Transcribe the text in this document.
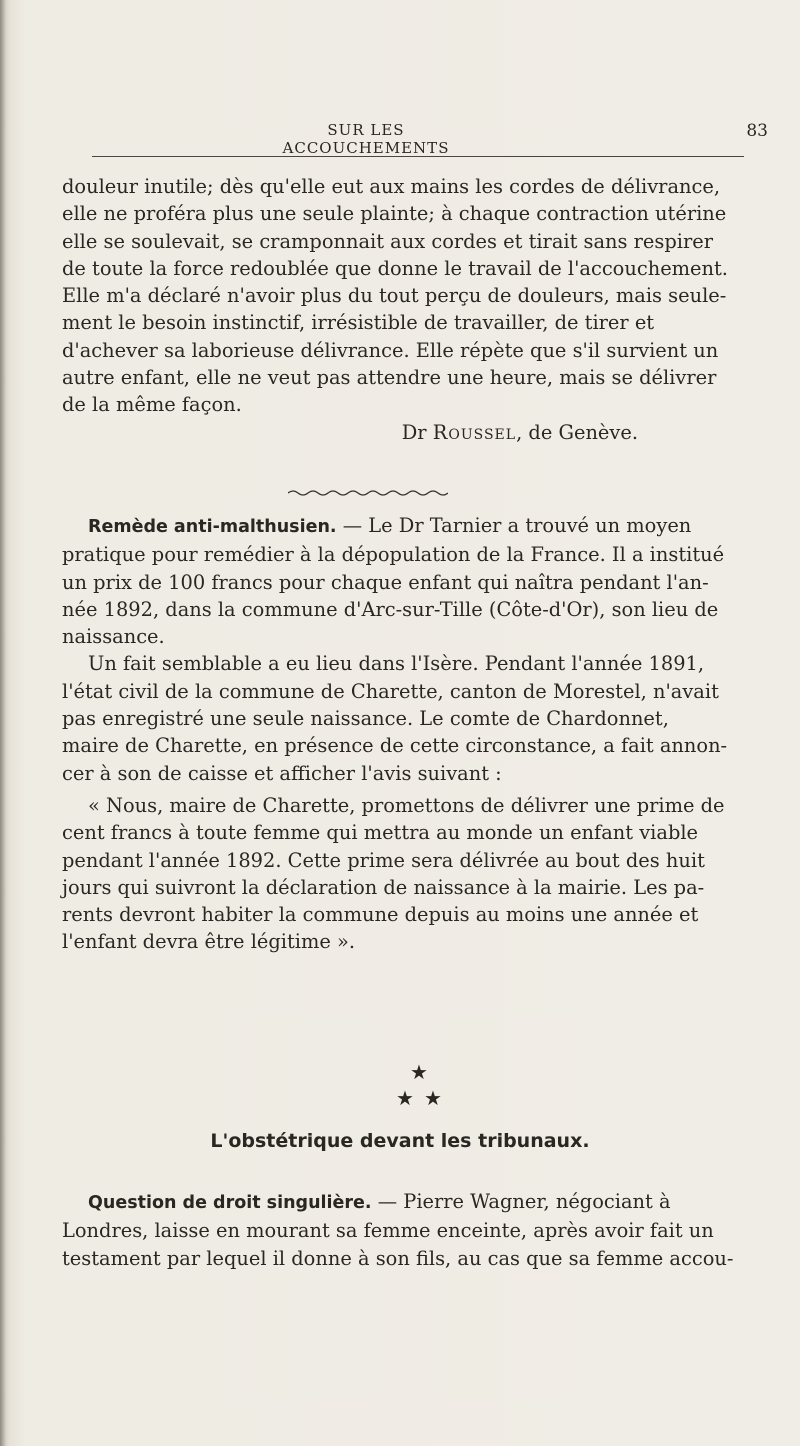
SUR LES ACCOUCHEMENTS
83
douleur inutile; dès qu'elle eut aux mains les cordes de délivrance,
elle ne proféra plus une seule plainte; à chaque contraction utérine
elle se soulevait, se cramponnait aux cordes et tirait sans respirer
de toute la force redoublée que donne le travail de l'accouchement.
Elle m'a déclaré n'avoir plus du tout perçu de douleurs, mais seule-
ment le besoin instinctif, irrésistible de travailler, de tirer et
d'achever sa laborieuse délivrance. Elle répète que s'il survient un
autre enfant, elle ne veut pas attendre une heure, mais se délivrer
de la même façon.
Dr Roussel, de Genève.
Remède anti-malthusien. — Le Dr Tarnier a trouvé un moyen
pratique pour remédier à la dépopulation de la France. Il a institué
un prix de 100 francs pour chaque enfant qui naîtra pendant l'an-
née 1892, dans la commune d'Arc-sur-Tille (Côte-d'Or), son lieu de
naissance.
Un fait semblable a eu lieu dans l'Isère. Pendant l'année 1891,
l'état civil de la commune de Charette, canton de Morestel, n'avait
pas enregistré une seule naissance. Le comte de Chardonnet,
maire de Charette, en présence de cette circonstance, a fait annon-
cer à son de caisse et afficher l'avis suivant :
« Nous, maire de Charette, promettons de délivrer une prime de
cent francs à toute femme qui mettra au monde un enfant viable
pendant l'année 1892. Cette prime sera délivrée au bout des huit
jours qui suivront la déclaration de naissance à la mairie. Les pa-
rents devront habiter la commune depuis au moins une année et
l'enfant devra être légitime ».
★
★ ★
L'obstétrique devant les tribunaux.
Question de droit singulière. — Pierre Wagner, négociant à
Londres, laisse en mourant sa femme enceinte, après avoir fait un
testament par lequel il donne à son fils, au cas que sa femme accou-
